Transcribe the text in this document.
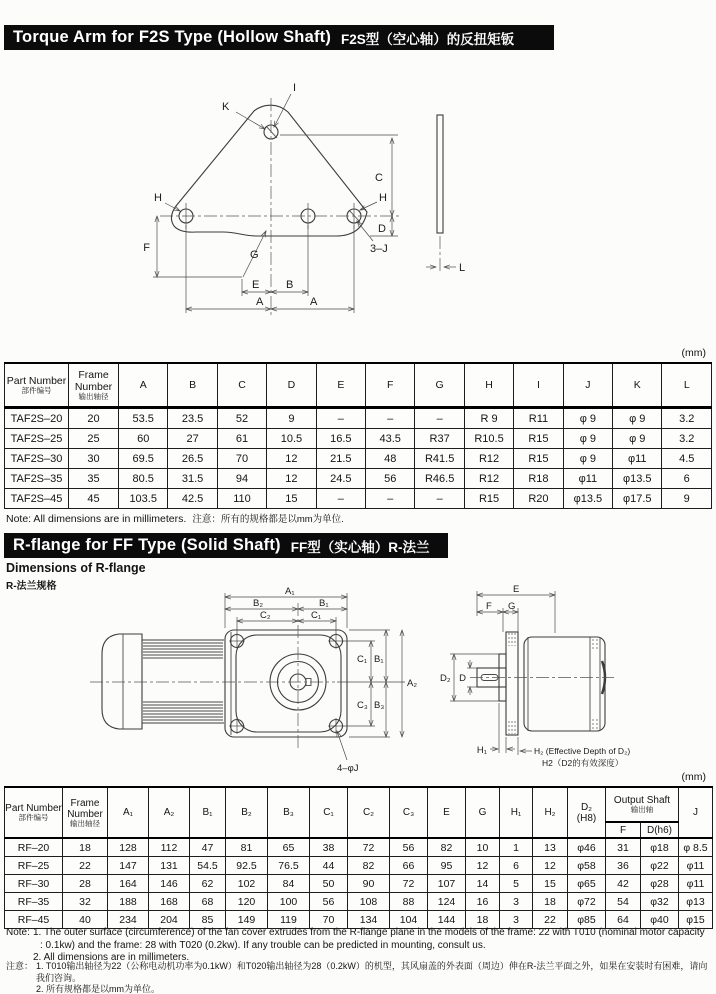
Torque Arm for F2S Type (Hollow Shaft) F2S型（空心轴）的反扭矩钣
C
D
I
K
H	H
F
G	3–J
E B
A	A
L
(mm)
Part Number
部件编号	Frame
Number
输出轴径	A	B	C	D	E	F	G	H	I	J	K	L
TAF2S–20	20	53.5	23.5	52	9	–	–	–	R 9	R11	φ 9	φ 9	3.2
TAF2S–25	25	60	27	61	10.5	16.5	43.5	R37	R10.5	R15	φ 9	φ 9	3.2
TAF2S–30	30	69.5	26.5	70	12	21.5	48	R41.5	R12	R15	φ 9	φ11	4.5
TAF2S–35	35	80.5	31.5	94	12	24.5	56	R46.5	R12	R18	φ11	φ13.5	6
TAF2S–45	45	103.5	42.5	110	15	–	–	–	R15	R20	φ13.5	φ17.5	9
Note: All dimensions are in millimeters. 注意：所有的规格都是以mm为单位.
R-flange for FF Type (Solid Shaft) FF型（实心轴）R-法兰
Dimensions of R-flange
R-法兰规格	A₁
B₂	B₁
C₂	C₁
C₁ B₁
C₃ B₃
A₂
4–φJ
E
F G
D₂ D
H₁	H₂ (Effective Depth of D₂)
H2（D2的有效深度）
(mm)
Part Number
部件编号	Frame
Number
输出轴径	A₁	A₂	B₁	B₂	B₃	C₁	C₂	C₃	E	G	H₁	H₂	D₂
(H8)	Output Shaft
输出轴		J
															F	D(h6)	
RF–20	18	128	112	47	81	65	38	72	56	82	10	1	13	φ46	31	φ18	φ 8.5
RF–25	22	147	131	54.5	92.5	76.5	44	82	66	95	12	6	12	φ58	36	φ22	φ11
RF–30	28	164	146	62	102	84	50	90	72	107	14	5	15	φ65	42	φ28	φ11
RF–35	32	188	168	68	120	100	56	108	88	124	16	3	18	φ72	54	φ32	φ13
RF–45	40	234	204	85	149	119	70	134	104	144	18	3	22	φ85	64	φ40	φ15
Note: 1. The outer surface (circumference) of the fan cover extrudes from the R-flange plane in the models of the frame: 22 with T010 (nominal motor capacity
: 0.1kw) and the frame: 28 with T020 (0.2kw). If any trouble can be predicted in mounting, consult us.
2. All dimensions are in millimeters.
注意： 1. T010输出轴径为22（公称电动机功率为0.1kW）和T020输出轴径为28（0.2kW）的机型，其风扇盖的外表面（周边）伸在R-法兰平面之外，如果在安装时有困难，请向我们咨询。
2. 所有规格都是以mm为单位。
